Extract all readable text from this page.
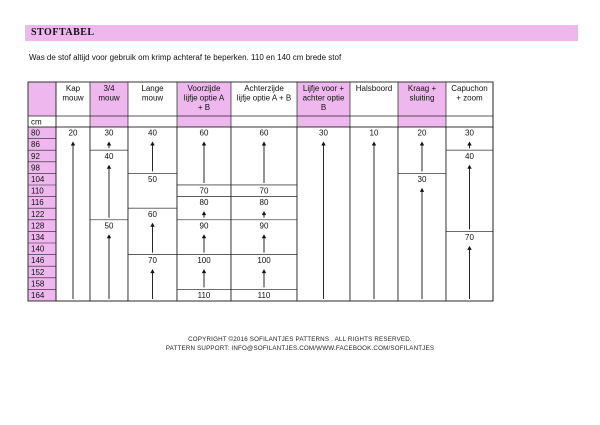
STOFTABEL
Was de stof altijd voor gebruik om krimp achteraf te beperken. 110 en 140 cm brede stof
cm
80
86
92
98
104
110
116
122
128
134
140
146
152
158
164
Kap
mouw
20
3/4
mouw
30
40
50
Lange
mouw
40
50
60
70
Voorzijde
lijfje optie A
+ B
60
70
80
90
100
110
Achterzijde
lijfje optie A + B
60
70
80
90
100
110
Lijfje voor +
achter optie
B
30
Halsboord
10
Kraag +
sluiting
20
30
Capuchon
+ zoom
30
40
70
COPYRIGHT ©2016 SOFILANTJES PATTERNS . ALL RIGHTS RESERVED.
PATTERN SUPPORT: INFO@SOFILANTJES.COM/WWW.FACEBOOK.COM/SOFILANTJES
